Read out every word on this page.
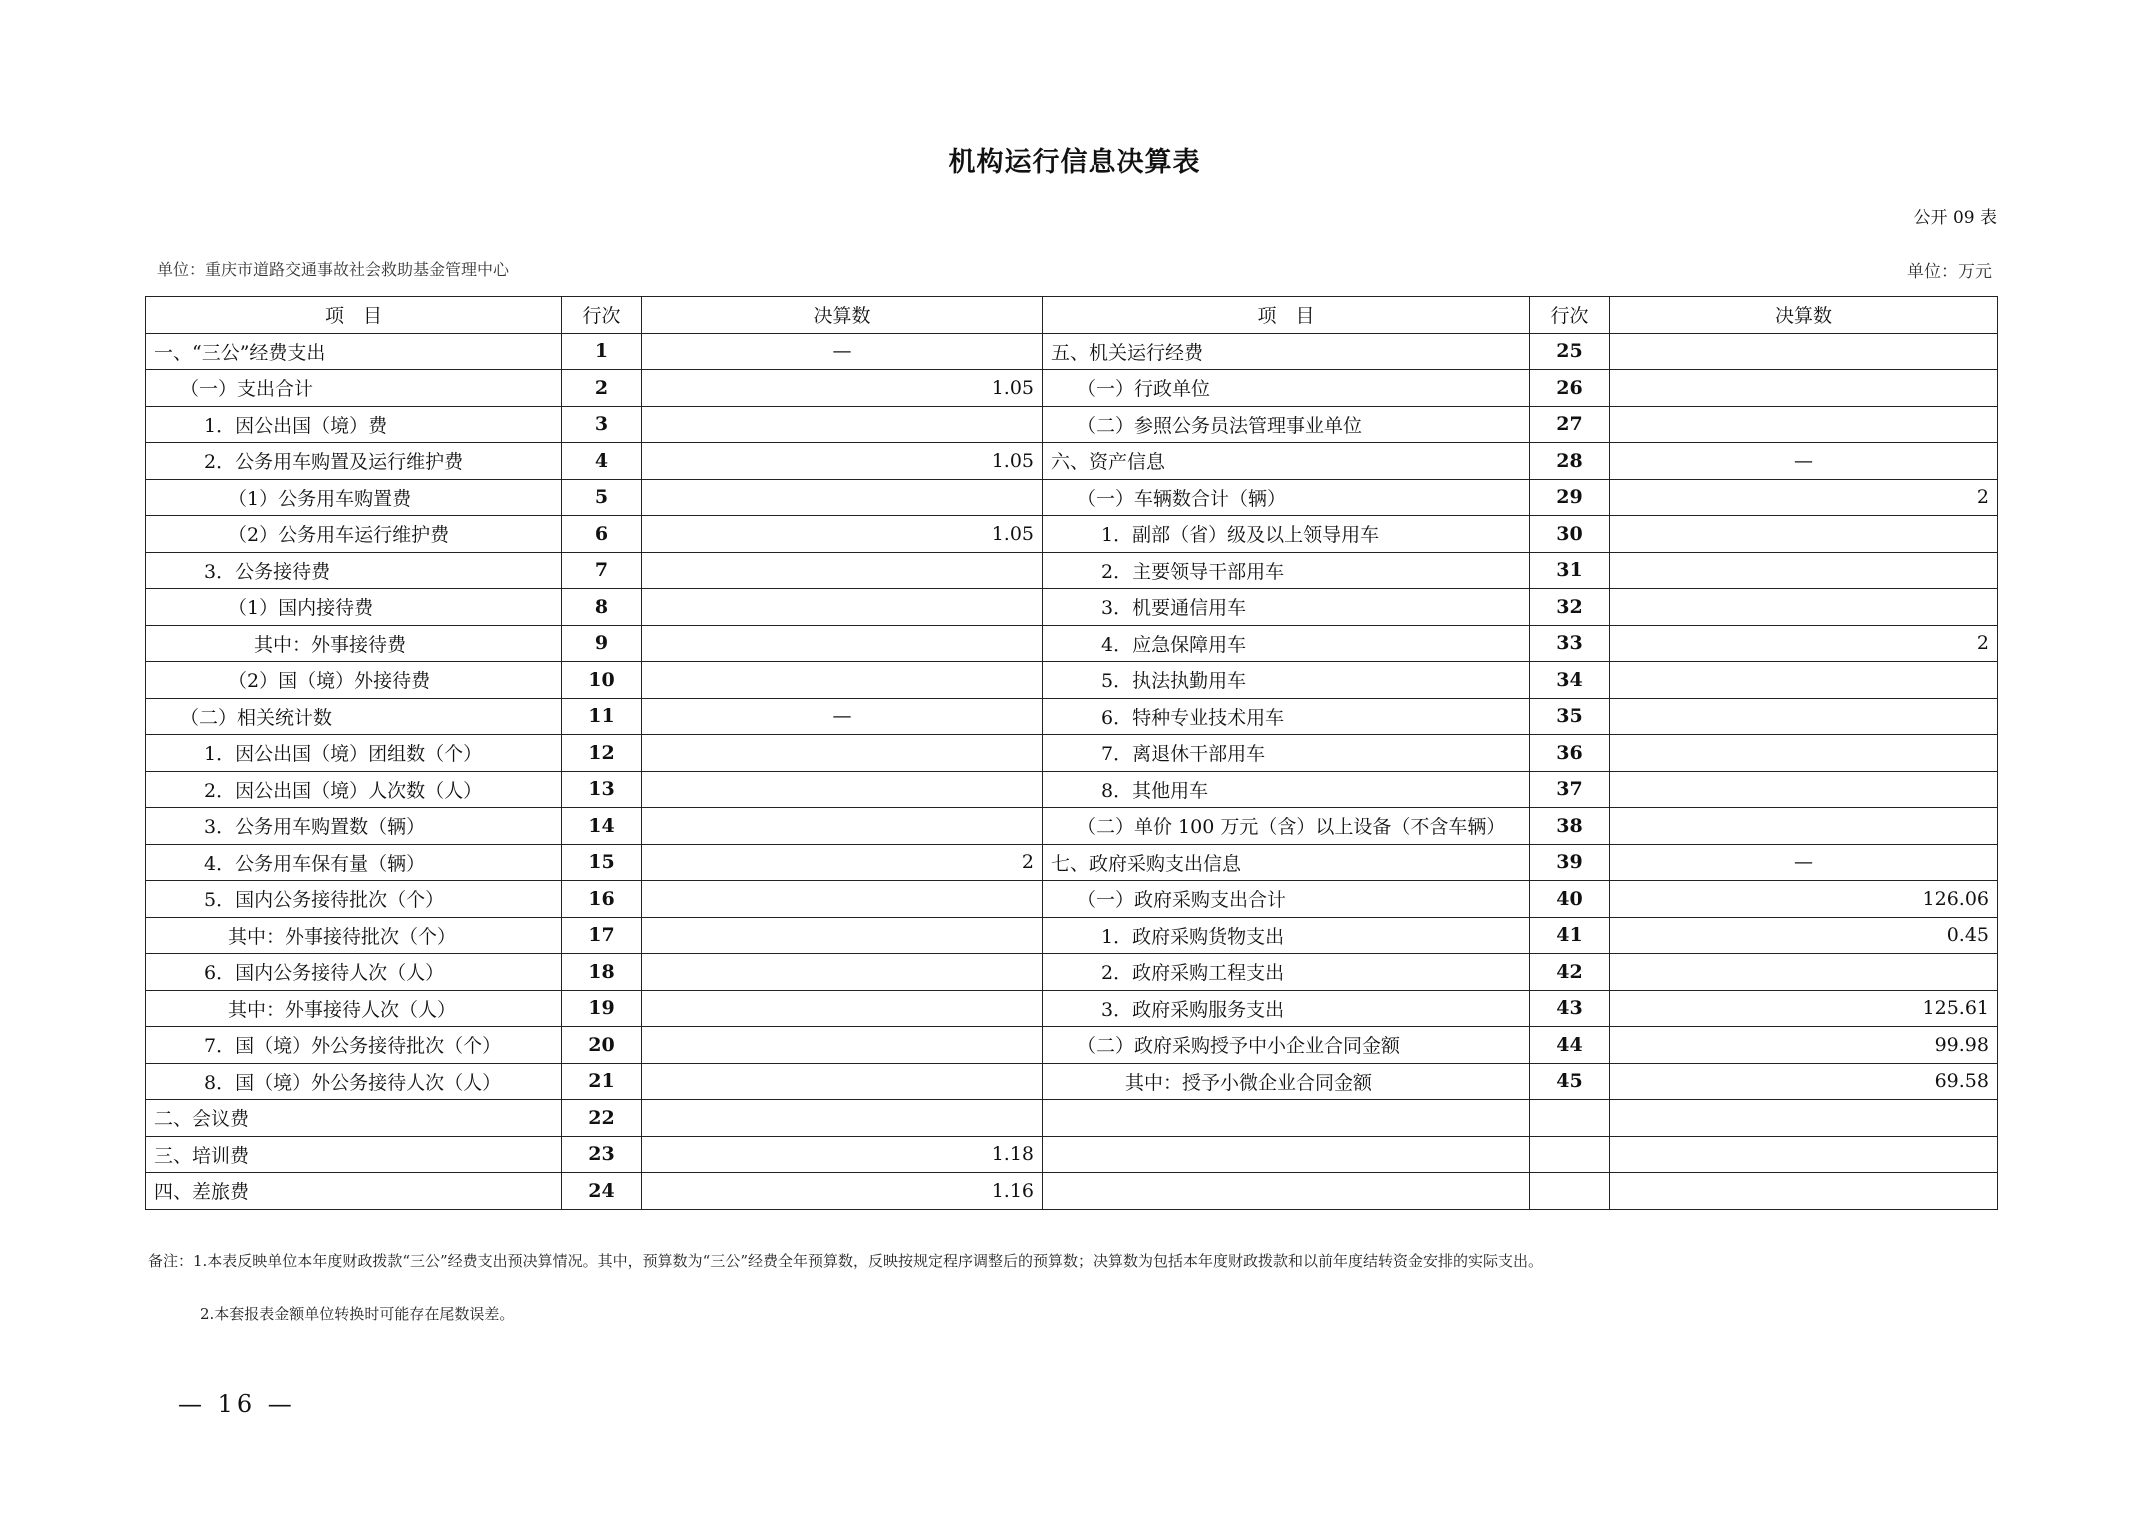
机构运行信息决算表
公开 09 表
单位：重庆市道路交通事故社会救助基金管理中心	单位：万元
项　目	行次	决算数	项　目	行次	决算数
一、“三公”经费支出	1	—	五、机关运行经费	25	
（一）支出合计	2	1.05	（一）行政单位	26	
1．因公出国（境）费	3		（二）参照公务员法管理事业单位	27	
2．公务用车购置及运行维护费	4	1.05	六、资产信息	28	—
（1）公务用车购置费	5		（一）车辆数合计（辆）	29	2
（2）公务用车运行维护费	6	1.05	1．副部（省）级及以上领导用车	30	
3．公务接待费	7		2．主要领导干部用车	31	
（1）国内接待费	8		3．机要通信用车	32	
其中：外事接待费	9		4．应急保障用车	33	2
（2）国（境）外接待费	10		5．执法执勤用车	34	
（二）相关统计数	11	—	6．特种专业技术用车	35	
1．因公出国（境）团组数（个）	12		7．离退休干部用车	36	
2．因公出国（境）人次数（人）	13		8．其他用车	37	
3．公务用车购置数（辆）	14		（二）单价 100 万元（含）以上设备（不含车辆）	38	
4．公务用车保有量（辆）	15	2	七、政府采购支出信息	39	—
5．国内公务接待批次（个）	16		（一）政府采购支出合计	40	126.06
其中：外事接待批次（个）	17		1．政府采购货物支出	41	0.45
6．国内公务接待人次（人）	18		2．政府采购工程支出	42	
其中：外事接待人次（人）	19		3．政府采购服务支出	43	125.61
7．国（境）外公务接待批次（个）	20		（二）政府采购授予中小企业合同金额	44	99.98
8．国（境）外公务接待人次（人）	21		其中：授予小微企业合同金额	45	69.58
二、会议费	22				
三、培训费	23	1.18			
四、差旅费	24	1.16			
备注：1.本表反映单位本年度财政拨款“三公”经费支出预决算情况。其中，预算数为“三公”经费全年预算数，反映按规定程序调整后的预算数；决算数为包括本年度财政拨款和以前年度结转资金安排的实际支出。
2.本套报表金额单位转换时可能存在尾数误差。
— 16 —
